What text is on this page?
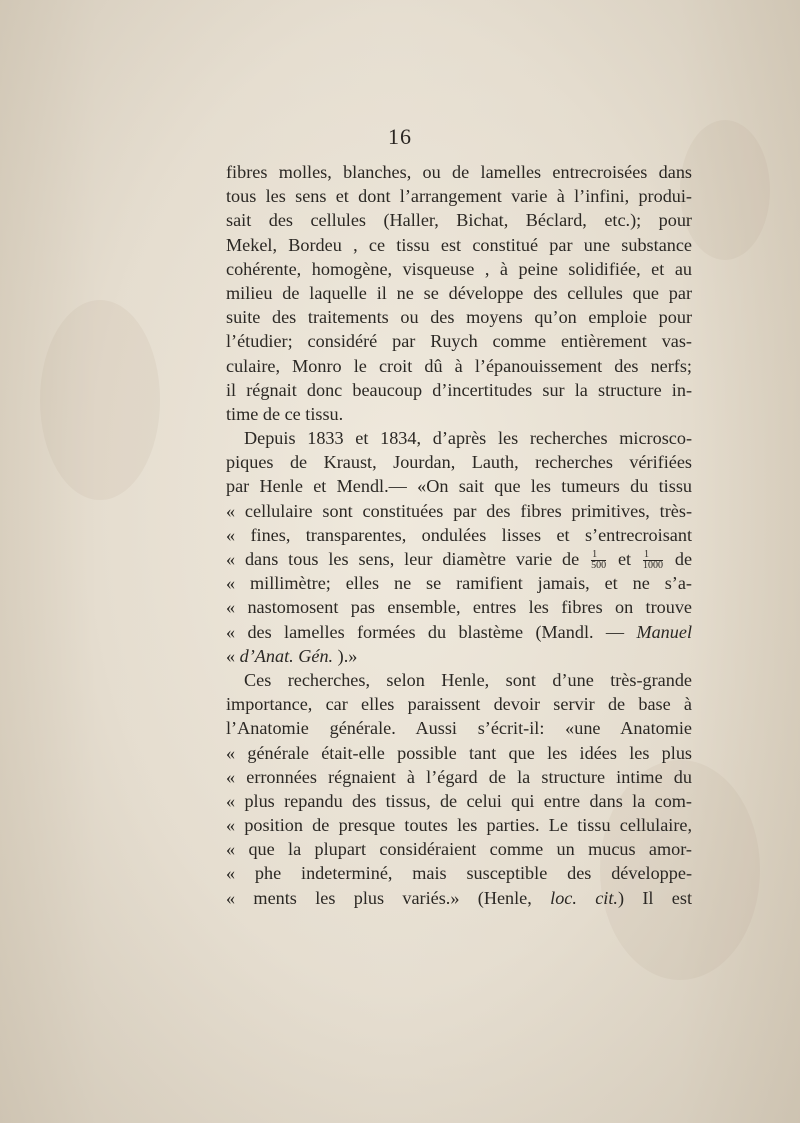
16
fibres molles, blanches, ou de lamelles entrecroisées dans
tous les sens et dont l’arrangement varie à l’infini, produi-
sait des cellules (Haller, Bichat, Béclard, etc.); pour
Mekel, Bordeu , ce tissu est constitué par une substance
cohérente, homogène, visqueuse , à peine solidifiée, et au
milieu de laquelle il ne se développe des cellules que par
suite des traitements ou des moyens qu’on emploie pour
l’étudier; considéré par Ruych comme entièrement vas-
culaire, Monro le croit dû à l’épanouissement des nerfs;
il régnait donc beaucoup d’incertitudes sur la structure in-
time de ce tissu.
Depuis 1833 et 1834, d’après les recherches microsco-
piques de Kraust, Jourdan, Lauth, recherches vérifiées
par Henle et Mendl.— «On sait que les tumeurs du tissu
« cellulaire sont constituées par des fibres primitives, très-
« fines, transparentes, ondulées lisses et s’entrecroisant
« dans tous les sens, leur diamètre varie de $\frac{1}{500}$ et $\frac{1}{1000}$ de
« millimètre; elles ne se ramifient jamais, et ne s’a-
« nastomosent pas ensemble, entres les fibres on trouve
« des lamelles formées du blastème (Mandl. — Manuel
« d’Anat. Gén. ).»
Ces recherches, selon Henle, sont d’une très-grande
importance, car elles paraissent devoir servir de base à
l’Anatomie générale. Aussi s’écrit-il: «une Anatomie
« générale était-elle possible tant que les idées les plus
« erronnées régnaient à l’égard de la structure intime du
« plus repandu des tissus, de celui qui entre dans la com-
« position de presque toutes les parties. Le tissu cellulaire,
« que la plupart considéraient comme un mucus amor-
« phe indeterminé, mais susceptible des développe-
« ments les plus variés.» (Henle, loc. cit.) Il est
